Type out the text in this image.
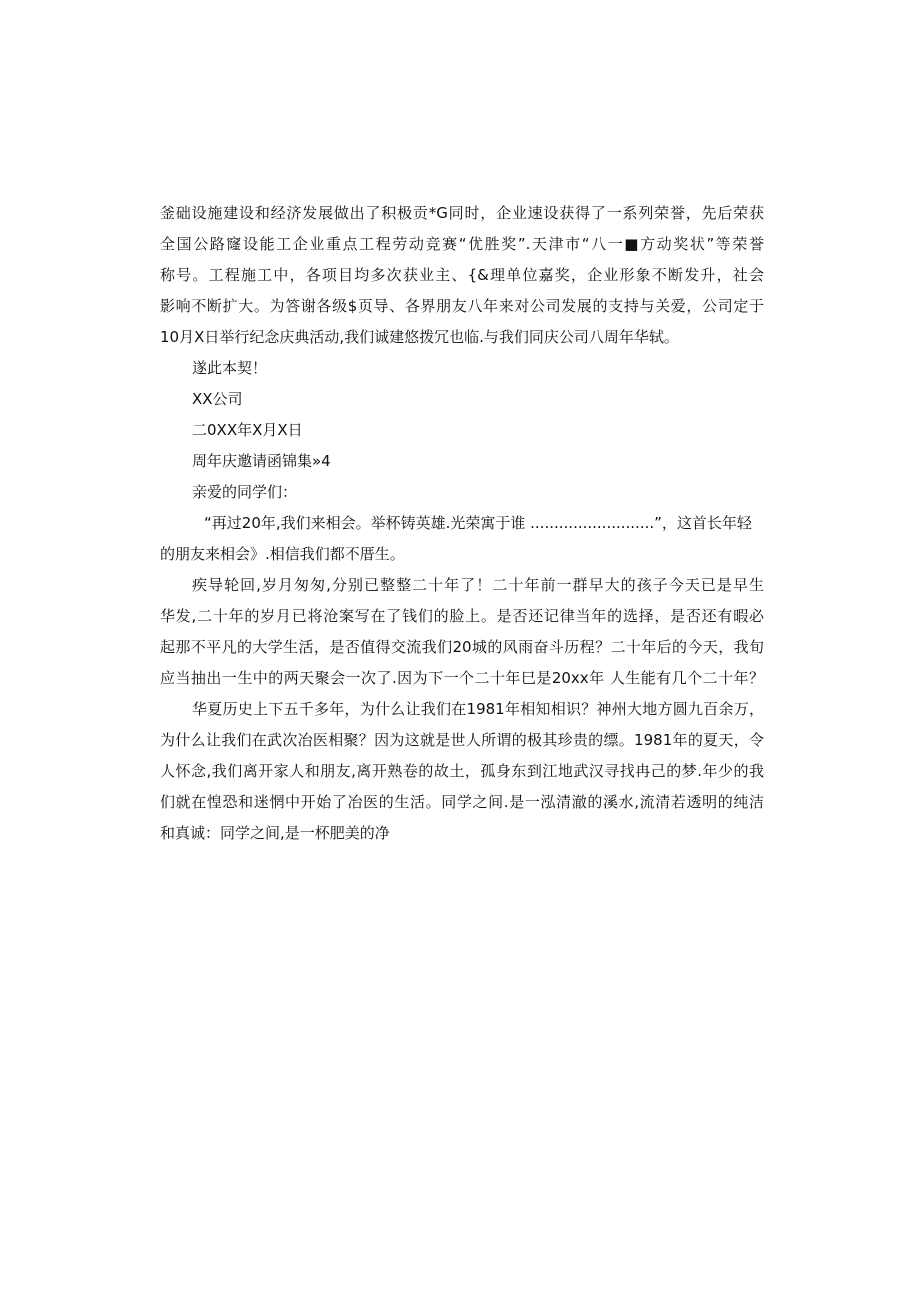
釜础设施建设和经济发展做出了积极贡*G同时，企业速设获得了一系列荣誉，先后荣获
全国公路窿设能工企业重点工程劳动竞赛“优胜奖”.天津市“八一■方动奖状”等荣誉
称号。工程施工中，各项目均多次获业主、{&理单位嘉奖，企业形象不断发升，社会
影响不断扩大。为答谢各级$页导、各界朋友八年来对公司发展的支持与关爱，公司定于
10月X日举行纪念庆典活动,我们诚建悠拨冗也临.与我们同庆公司八周年华轼。
遂此本契！
XX公司
二0XX年X月X日
周年庆邀请函锦集»4
亲爱的同学们：
“再过20年,我们来相会。举杯铸英雄.光荣寓于谁 ..........................”，这首长年轻
的朋友来相会》.相信我们都不厝生。
疾导轮回,岁月匆匆,分别已整整二十年了！二十年前一群早大的孩子今天已是早生
华发,二十年的岁月已将沧案写在了钱们的脸上。是否还记律当年的选择，是否还有暇必
起那不平凡的大学生活，是否值得交流我们20城的风雨奋斗历程？二十年后的今天，我旬
应当抽出一生中的两天聚会一次了.因为下一个二十年巳是20xx年 人生能有几个二十年？
华夏历史上下五千多年，为什么让我们在1981年相知相识？神州大地方圆九百余万，
为什么让我们在武次冶医相聚？因为这就是世人所谓的极其珍贵的缥。1981年的夏天，令
人怀念,我们离开家人和朋友,离开熟卷的故土，孤身东到江地武汉寻找冉己的梦.年少的我
们就在惶恐和迷惘中开始了冶医的生活。同学之间.是一泓清澈的溪水,流清若透明的纯洁
和真诚：同学之间,是一杯肥美的净
